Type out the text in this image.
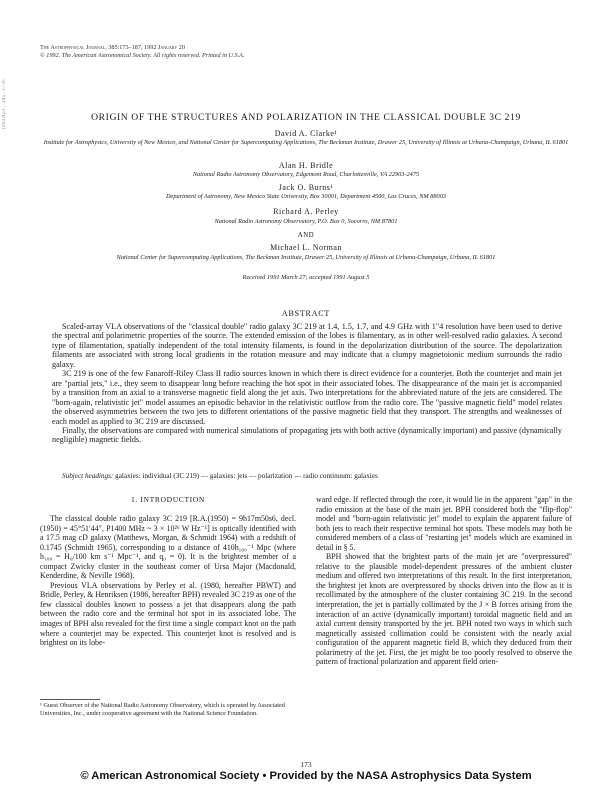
1992ApJ...385..173C
The Astrophysical Journal, 385:173–187, 1992 January 20
© 1992. The American Astronomical Society. All rights reserved. Printed in U.S.A.
ORIGIN OF THE STRUCTURES AND POLARIZATION IN THE CLASSICAL DOUBLE 3C 219
David A. Clarke¹
Institute for Astrophysics, University of New Mexico, and National Center for Supercomputing Applications, The Beckman Institute, Drawer 25, University of Illinois at Urbana-Champaign, Urbana, IL 61801
Alan H. Bridle
National Radio Astronomy Observatory, Edgemont Road, Charlottesville, VA 22903-2475
Jack O. Burns¹
Department of Astronomy, New Mexico State University, Box 30001, Department 4500, Las Cruces, NM 88003
Richard A. Perley
National Radio Astronomy Observatory, P.O. Box 0, Socorro, NM 87801
AND
Michael L. Norman
National Center for Supercomputing Applications, The Beckman Institute, Drawer 25, University of Illinois at Urbana-Champaign, Urbana, IL 61801
Received 1991 March 27; accepted 1991 August 5
ABSTRACT

Scaled-array VLA observations of the "classical double" radio galaxy 3C 219 at 1.4, 1.5, 1.7, and 4.9 GHz with 1"4 resolution have been used to derive the spectral and polarimetric properties of the source. The extended emission of the lobes is filamentary, as in other well-resolved radio galaxies. A second type of filamentation, spatially independent of the total intensity filaments, is found in the depolarization distribution of the source. The depolarization filaments are associated with strong local gradients in the rotation measure and may indicate that a clumpy magnetoionic medium surrounds the radio galaxy.

3C 219 is one of the few Fanaroff-Riley Class II radio sources known in which there is direct evidence for a counterjet. Both the counterjet and main jet are "partial jets," i.e., they seem to disappear long before reaching the hot spot in their associated lobes. The disappearance of the main jet is accompanied by a transition from an axial to a transverse magnetic field along the jet axis. Two interpretations for the abbreviated nature of the jets are considered. The "born-again, relativistic jet" model assumes an episodic behavior in the relativistic outflow from the radio core. The "passive magnetic field" model relates the observed asymmetries between the two jets to different orientations of the passive magnetic field that they transport. The strengths and weaknesses of each model as applied to 3C 219 are discussed.

Finally, the observations are compared with numerical simulations of propagating jets with both active (dynamically important) and passive (dynamically negligible) magnetic fields.

Subject headings: galaxies: individual (3C 219) — galaxies: jets — polarization — radio continuum: galaxies
1. INTRODUCTION

The classical double radio galaxy 3C 219 [R.A.(1950) = 9h17m50s6, decl.(1950) = 45°51′44″, P1400 MHz ~ 3 × 10²⁶ W Hz⁻¹] is optically identified with a 17.5 mag cD galaxy (Matthews, Morgan, & Schmidt 1964) with a redshift of 0.1745 (Schmidt 1965), corresponding to a distance of 410h₁₀₀⁻¹ Mpc (where h₁₀₀ = H₀/100 km s⁻¹ Mpc⁻¹, and q₀ = 0). It is the brightest member of a compact Zwicky cluster in the southeast corner of Ursa Major (Macdonald, Kenderdine, & Neville 1968).

Previous VLA observations by Perley et al. (1980, hereafter PBWT) and Bridle, Perley, & Henriksen (1986, hereafter BPH) revealed 3C 219 as one of the few classical doubles known to possess a jet that disappears along the path between the radio core and the terminal hot spot in its associated lobe. The images of BPH also revealed for the first time a single compact knot on the path where a counterjet may be expected. This counterjet knot is resolved and is brightest on its lobe-

¹ Guest Observer of the National Radio Astronomy Observatory, which is operated by Associated Universities, Inc., under cooperative agreement with the National Science Foundation.

ward edge. If reflected through the core, it would lie in the apparent "gap" in the radio emission at the base of the main jet. BPH considered both the "flip-flop" model and "born-again relativistic jet" model to explain the apparent failure of both jets to reach their respective terminal hot spots. These models may both be considered members of a class of "restarting jet" models which are examined in detail in § 5.

BPH showed that the brightest parts of the main jet are "overpressured" relative to the plausible model-dependent pressures of the ambient cluster medium and offered two interpretations of this result. In the first interpretation, the brightest jet knots are overpressured by shocks driven into the flow as it is recollimated by the atmosphere of the cluster containing 3C 219. In the second interpretation, the jet is partially collimated by the J × B forces arising from the interaction of an active (dynamically important) toroidal magnetic field and an axial current density transported by the jet. BPH noted two ways in which such magnetically assisted collimation could be consistent with the nearly axial configuration of the apparent magnetic field B, which they deduced from their polarimetry of the jet. First, the jet might be too poorly resolved to observe the pattern of fractional polarization and apparent field orien-

173
© American Astronomical Society • Provided by the NASA Astrophysics Data System
